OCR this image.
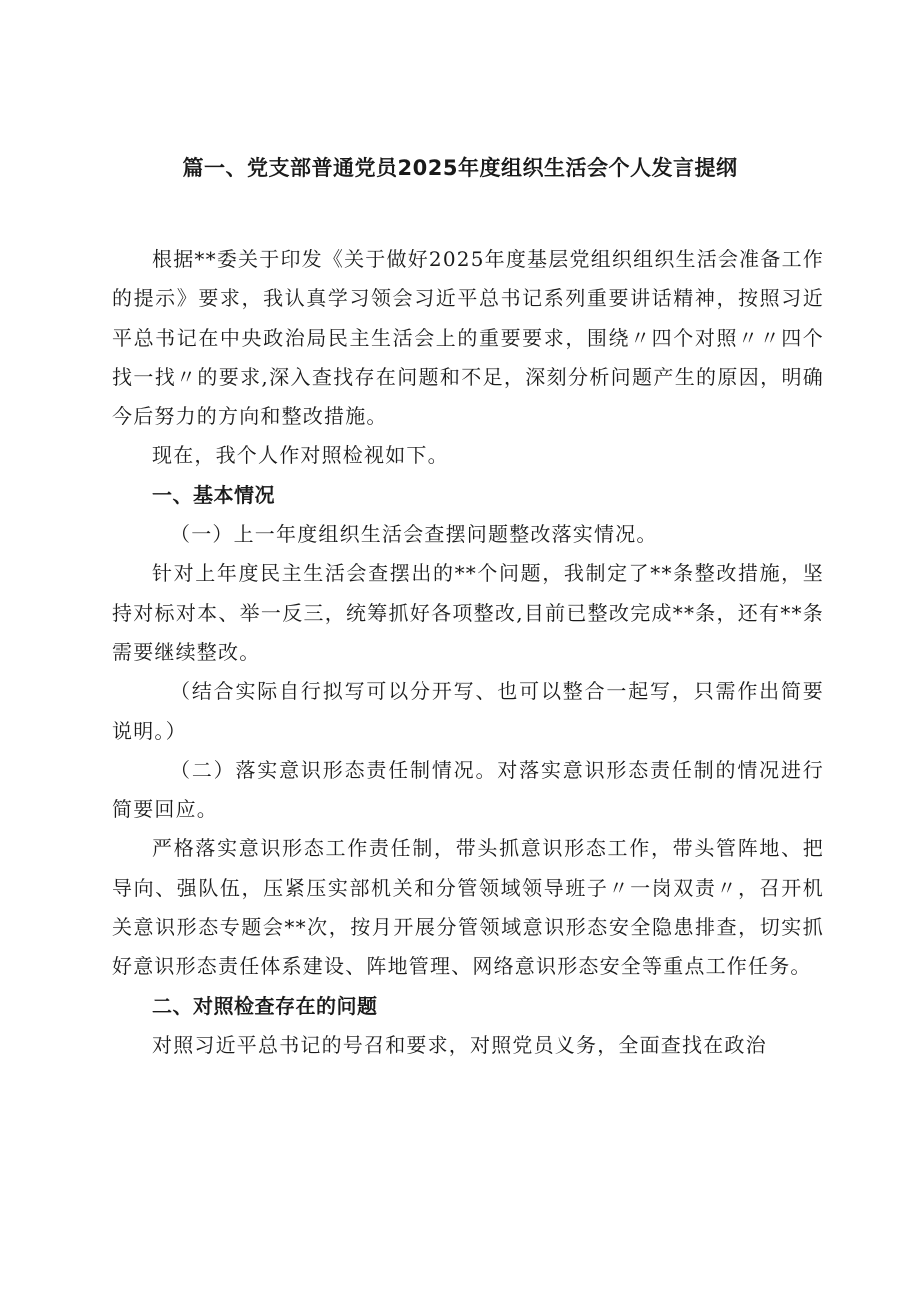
篇一、党支部普通党员2025年度组织生活会个人发言提纲

根据**委关于印发《关于做好2025年度基层党组织组织生活会准备工作的提示》要求，我认真学习领会习近平总书记系列重要讲话精神，按照习近平总书记在中央政治局民主生活会上的重要要求，围绕〃四个对照〃〃四个找一找〃的要求,深入查找存在问题和不足，深刻分析问题产生的原因，明确今后努力的方向和整改措施。

现在，我个人作对照检视如下。

一、基本情况

（一）上一年度组织生活会查摆问题整改落实情况。

针对上年度民主生活会查摆出的**个问题，我制定了**条整改措施，坚持对标对本、举一反三，统筹抓好各项整改,目前已整改完成**条，还有**条需要继续整改。

（结合实际自行拟写可以分开写、也可以整合一起写，只需作出简要说明。）

（二）落实意识形态责任制情况。对落实意识形态责任制的情况进行简要回应。

严格落实意识形态工作责任制，带头抓意识形态工作，带头管阵地、把导向、强队伍，压紧压实部机关和分管领域领导班子〃一岗双责〃，召开机关意识形态专题会**次，按月开展分管领域意识形态安全隐患排查，切实抓好意识形态责任体系建设、阵地管理、网络意识形态安全等重点工作任务。

二、对照检查存在的问题

对照习近平总书记的号召和要求，对照党员义务，全面查找在政治
